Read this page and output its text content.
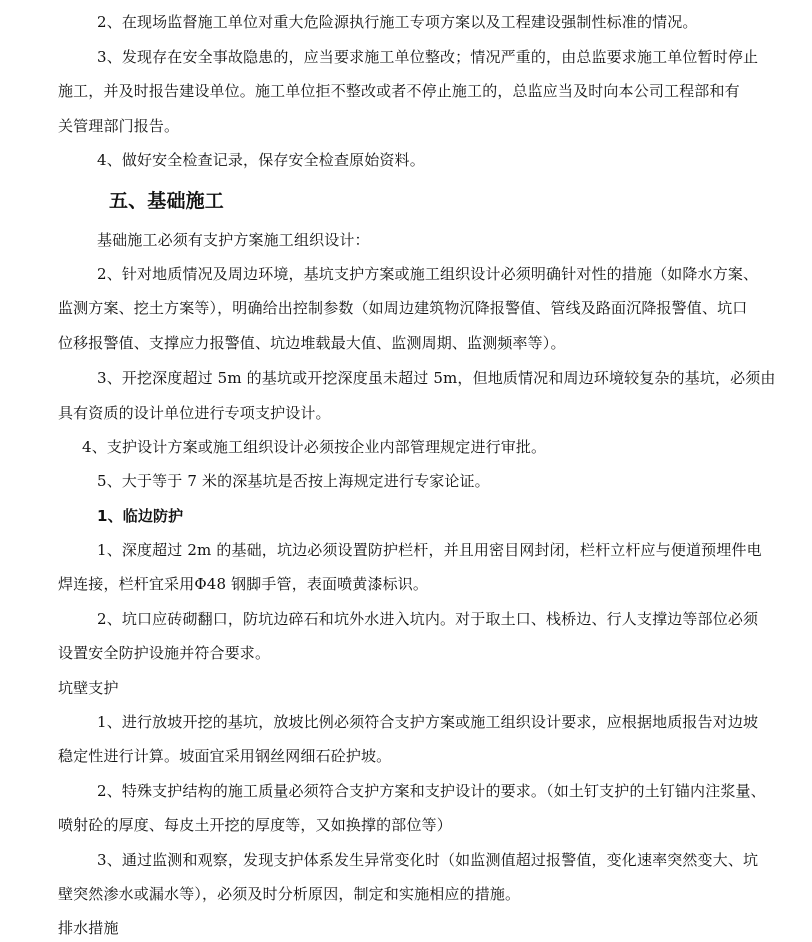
2、在现场监督施工单位对重大危险源执行施工专项方案以及工程建设强制性标准的情况。
3、发现存在安全事故隐患的，应当要求施工单位整改；情况严重的，由总监要求施工单位暂时停止
施工，并及时报告建设单位。施工单位拒不整改或者不停止施工的，总监应当及时向本公司工程部和有
关管理部门报告。
4、做好安全检查记录，保存安全检查原始资料。
五、基础施工
基础施工必须有支护方案施工组织设计：
2、针对地质情况及周边环境，基坑支护方案或施工组织设计必须明确针对性的措施（如降水方案、
监测方案、挖土方案等），明确给出控制参数（如周边建筑物沉降报警值、管线及路面沉降报警值、坑口
位移报警值、支撑应力报警值、坑边堆载最大值、监测周期、监测频率等）。
3、开挖深度超过 5m 的基坑或开挖深度虽未超过 5m，但地质情况和周边环境较复杂的基坑，必须由
具有资质的设计单位进行专项支护设计。
4、支护设计方案或施工组织设计必须按企业内部管理规定进行审批。
5、大于等于 7 米的深基坑是否按上海规定进行专家论证。
1、临边防护
1、深度超过 2m 的基础，坑边必须设置防护栏杆，并且用密目网封闭，栏杆立杆应与便道预埋件电
焊连接，栏杆宜采用Φ48 钢脚手管，表面喷黄漆标识。
2、坑口应砖砌翻口，防坑边碎石和坑外水进入坑内。对于取土口、栈桥边、行人支撑边等部位必须
设置安全防护设施并符合要求。
坑壁支护
1、进行放坡开挖的基坑，放坡比例必须符合支护方案或施工组织设计要求，应根据地质报告对边坡
稳定性进行计算。坡面宜采用钢丝网细石砼护坡。
2、特殊支护结构的施工质量必须符合支护方案和支护设计的要求。（如土钉支护的土钉锚内注浆量、
喷射砼的厚度、每皮土开挖的厚度等，又如换撑的部位等）
3、通过监测和观察，发现支护体系发生异常变化时（如监测值超过报警值，变化速率突然变大、坑
壁突然渗水或漏水等），必须及时分析原因，制定和实施相应的措施。
排水措施
